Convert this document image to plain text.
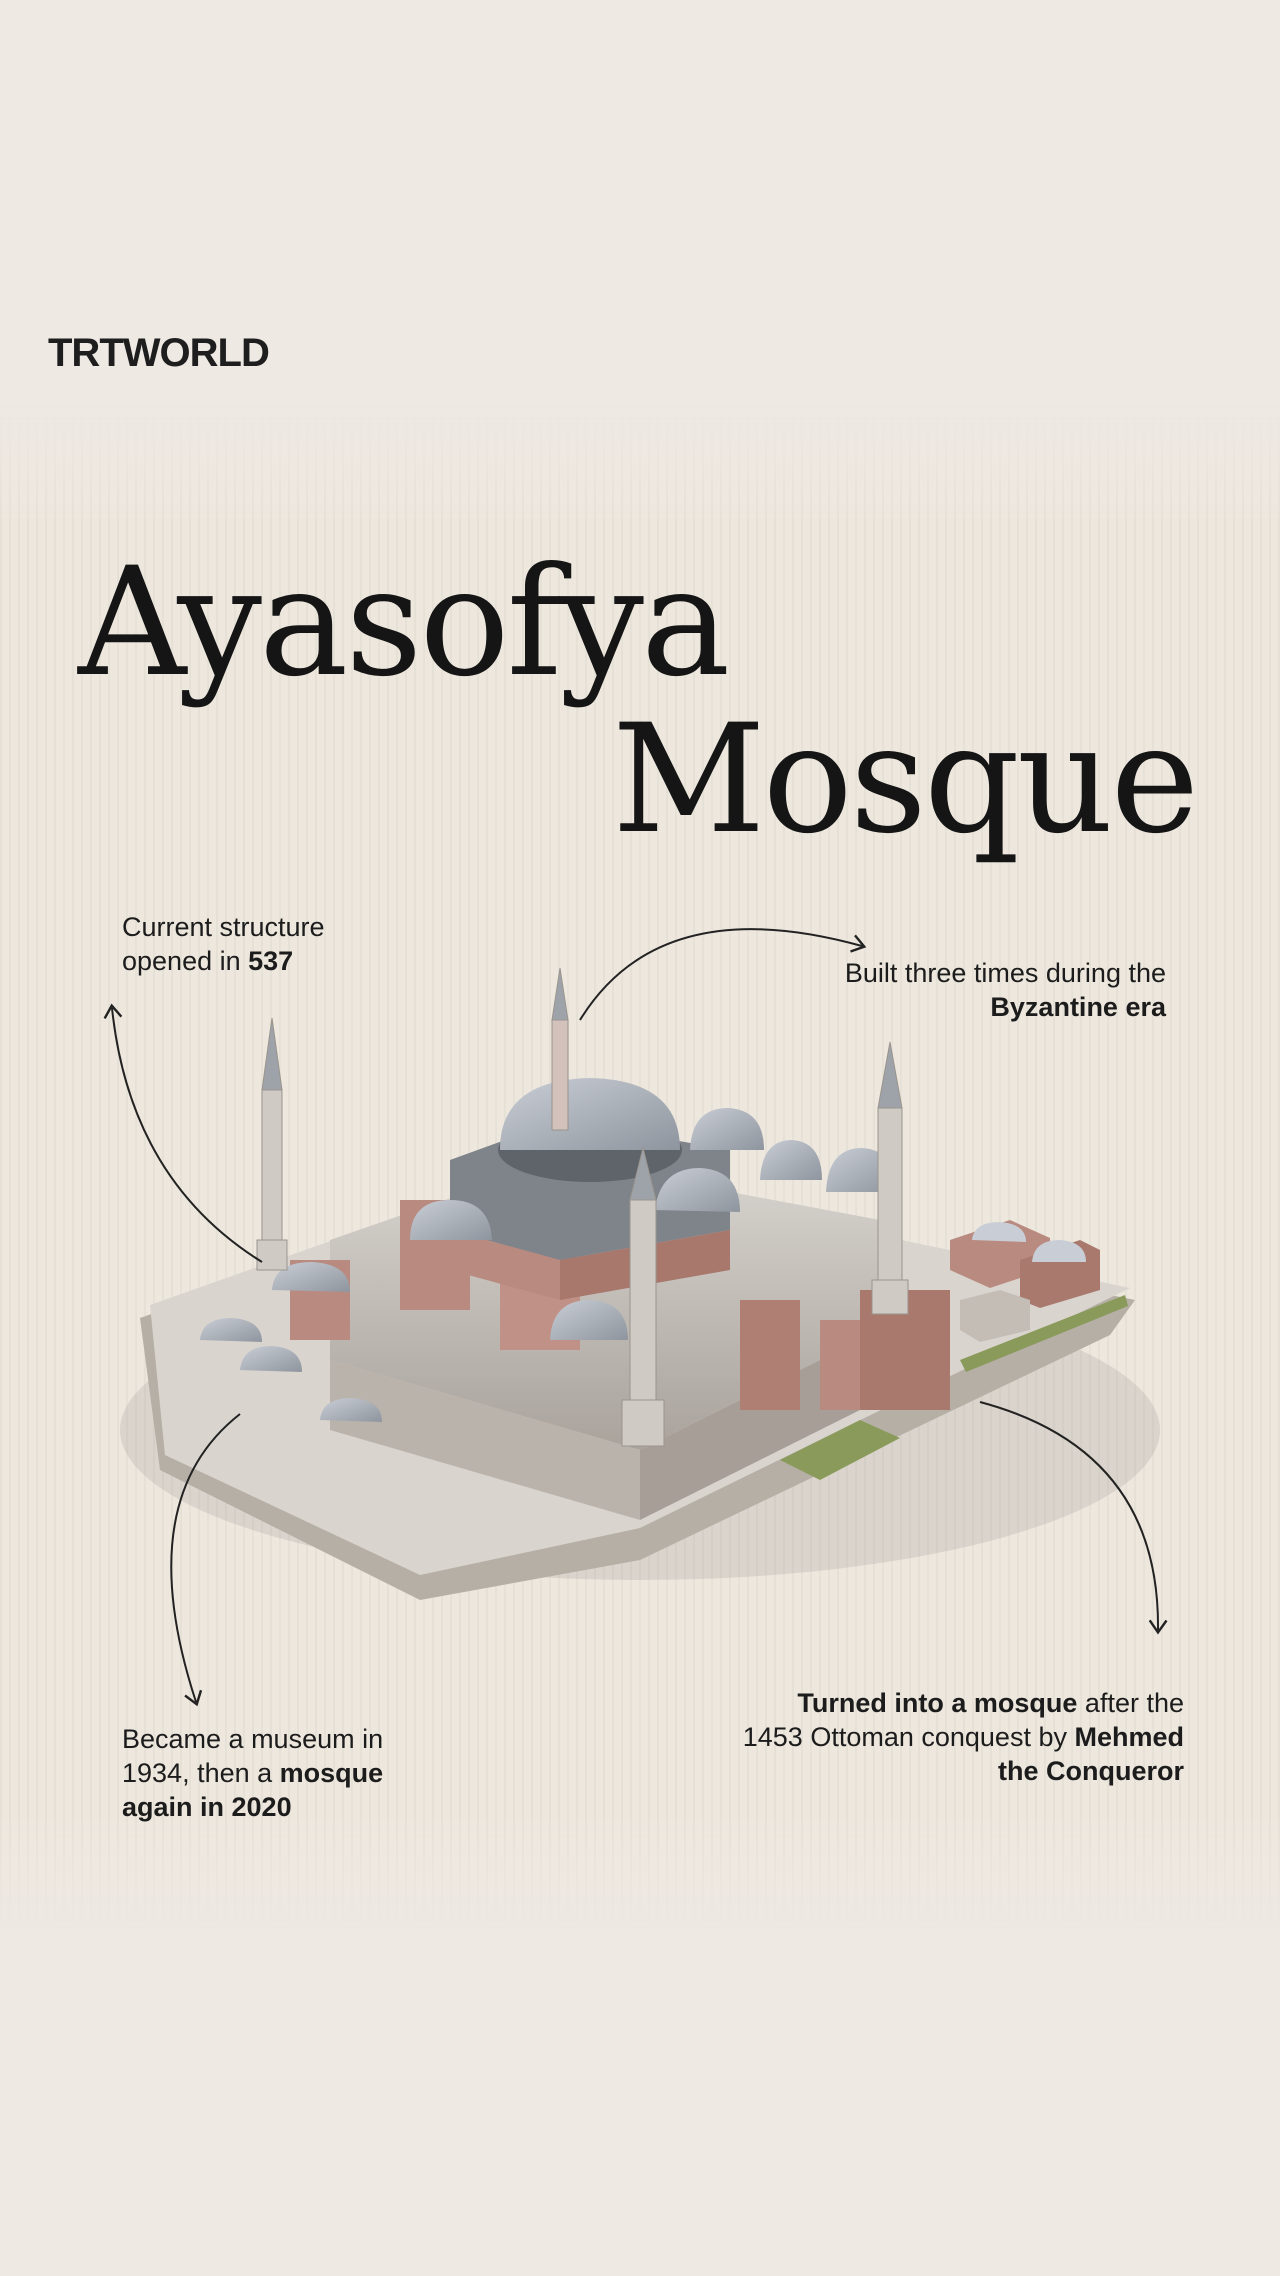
TRTWORLD
Ayasofya
Mosque
Current structure opened in 537	Built three times during the Byzantine era
Became a museum in 1934, then a mosque again in 2020
Turned into a mosque after the 1453 Ottoman conquest by Mehmed the Conqueror
